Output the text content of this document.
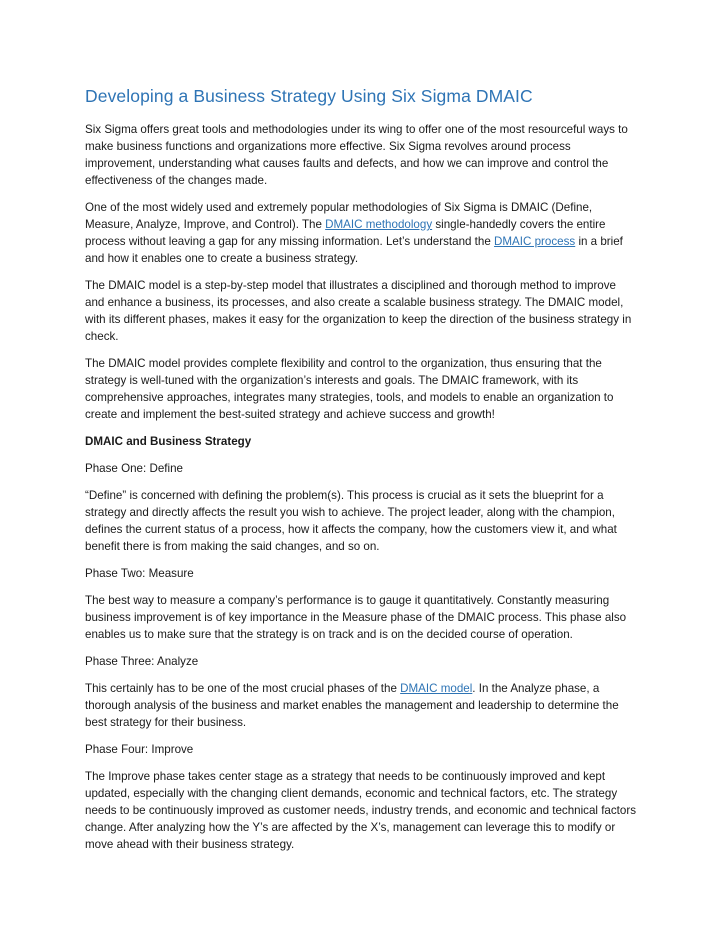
Developing a Business Strategy Using Six Sigma DMAIC

Six Sigma offers great tools and methodologies under its wing to offer one of the most resourceful ways to make business functions and organizations more effective. Six Sigma revolves around process improvement, understanding what causes faults and defects, and how we can improve and control the effectiveness of the changes made.

One of the most widely used and extremely popular methodologies of Six Sigma is DMAIC (Define, Measure, Analyze, Improve, and Control). The DMAIC methodology single-handedly covers the entire process without leaving a gap for any missing information. Let’s understand the DMAIC process in a brief and how it enables one to create a business strategy.

The DMAIC model is a step-by-step model that illustrates a disciplined and thorough method to improve and enhance a business, its processes, and also create a scalable business strategy. The DMAIC model, with its different phases, makes it easy for the organization to keep the direction of the business strategy in check.

The DMAIC model provides complete flexibility and control to the organization, thus ensuring that the strategy is well-tuned with the organization’s interests and goals. The DMAIC framework, with its comprehensive approaches, integrates many strategies, tools, and models to enable an organization to create and implement the best-suited strategy and achieve success and growth!

DMAIC and Business Strategy

Phase One: Define

“Define” is concerned with defining the problem(s). This process is crucial as it sets the blueprint for a strategy and directly affects the result you wish to achieve. The project leader, along with the champion, defines the current status of a process, how it affects the company, how the customers view it, and what benefit there is from making the said changes, and so on.

Phase Two: Measure

The best way to measure a company’s performance is to gauge it quantitatively. Constantly measuring business improvement is of key importance in the Measure phase of the DMAIC process. This phase also enables us to make sure that the strategy is on track and is on the decided course of operation.

Phase Three: Analyze

This certainly has to be one of the most crucial phases of the DMAIC model. In the Analyze phase, a thorough analysis of the business and market enables the management and leadership to determine the best strategy for their business.

Phase Four: Improve

The Improve phase takes center stage as a strategy that needs to be continuously improved and kept updated, especially with the changing client demands, economic and technical factors, etc. The strategy needs to be continuously improved as customer needs, industry trends, and economic and technical factors change. After analyzing how the Y’s are affected by the X’s, management can leverage this to modify or move ahead with their business strategy.
